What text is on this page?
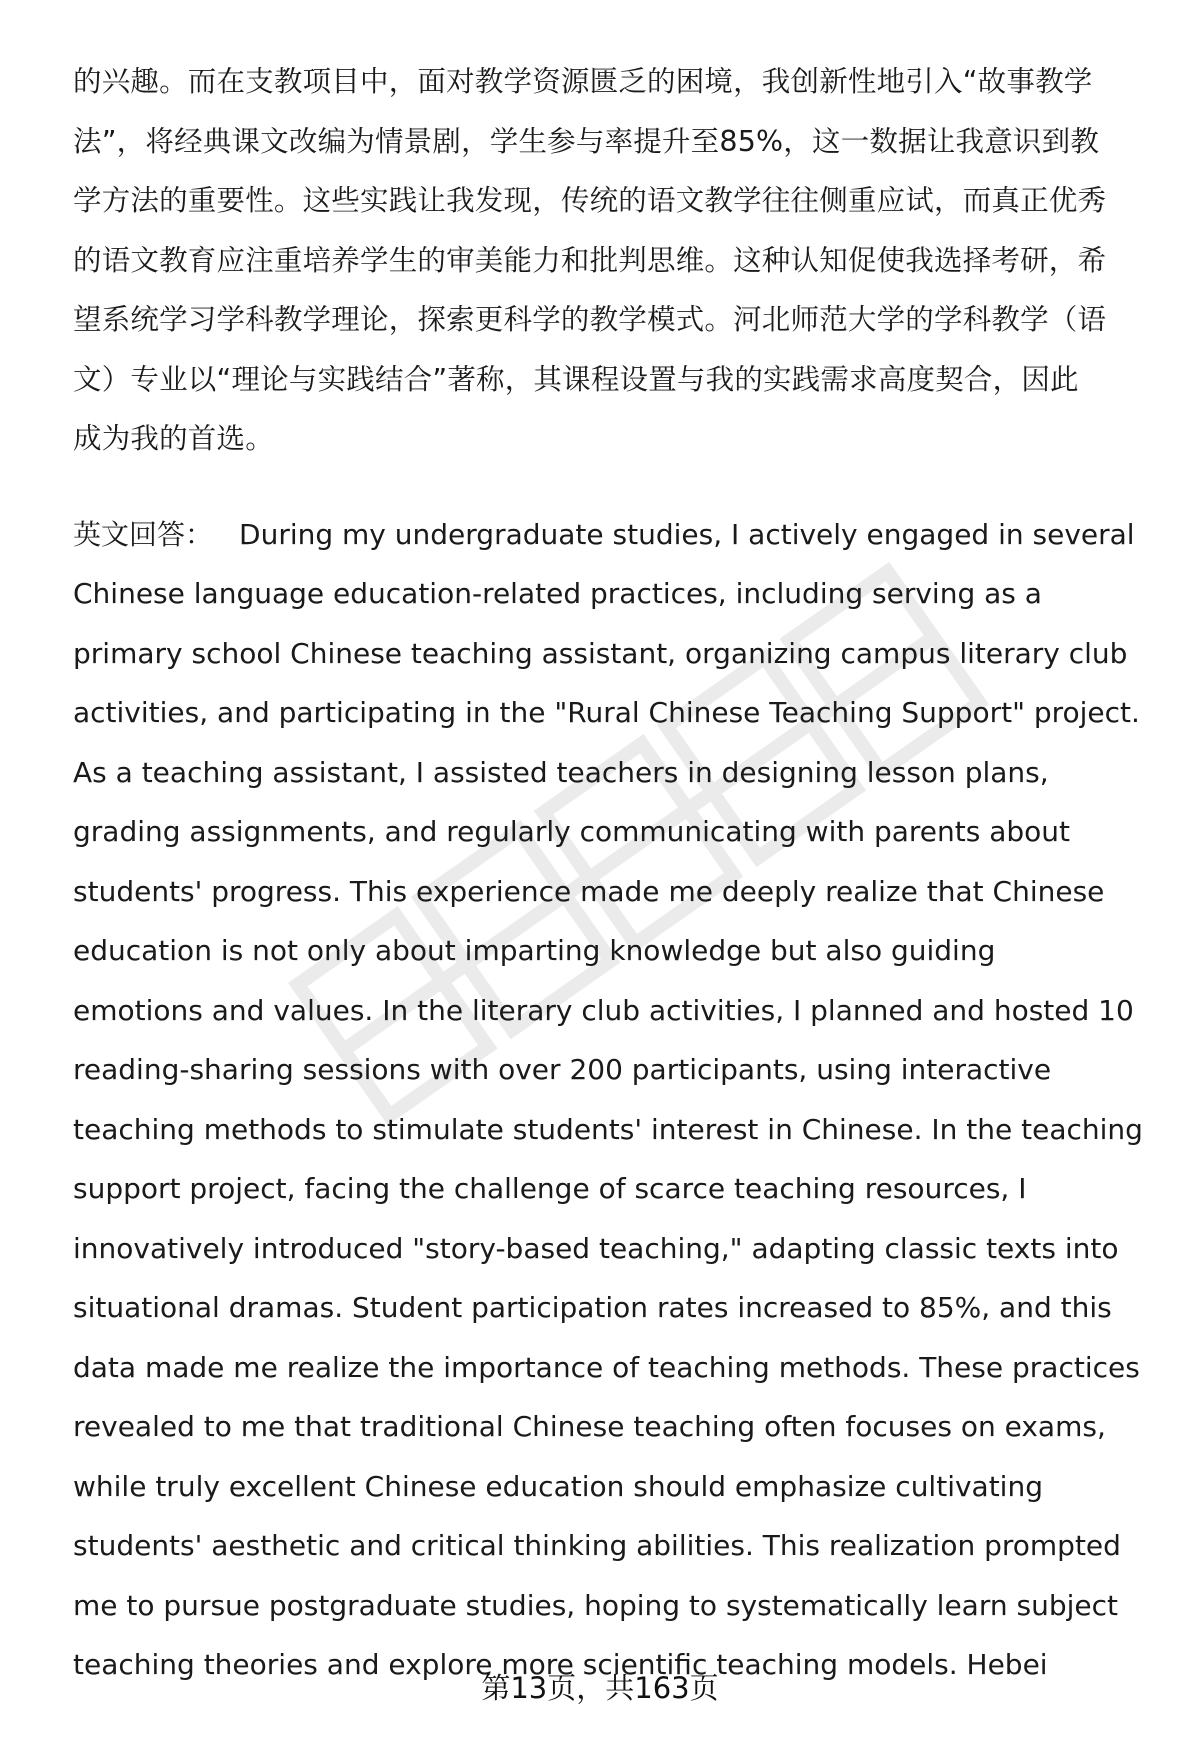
的兴趣。而在支教项目中，面对教学资源匮乏的困境，我创新性地引入“故事教学
法”，将经典课文改编为情景剧，学生参与率提升至85%，这一数据让我意识到教
学方法的重要性。这些实践让我发现，传统的语文教学往往侧重应试，而真正优秀
的语文教育应注重培养学生的审美能力和批判思维。这种认知促使我选择考研，希
望系统学习学科教学理论，探索更科学的教学模式。河北师范大学的学科教学（语
文）专业以“理论与实践结合”著称，其课程设置与我的实践需求高度契合，因此
成为我的首选。
英文回答： During my undergraduate studies, I actively engaged in several
Chinese language education-related practices, including serving as a
primary school Chinese teaching assistant, organizing campus literary club
activities, and participating in the "Rural Chinese Teaching Support" project.
As a teaching assistant, I assisted teachers in designing lesson plans,
grading assignments, and regularly communicating with parents about
students' progress. This experience made me deeply realize that Chinese
education is not only about imparting knowledge but also guiding
emotions and values. In the literary club activities, I planned and hosted 10
reading-sharing sessions with over 200 participants, using interactive
teaching methods to stimulate students' interest in Chinese. In the teaching
support project, facing the challenge of scarce teaching resources, I
innovatively introduced "story-based teaching," adapting classic texts into
situational dramas. Student participation rates increased to 85%, and this
data made me realize the importance of teaching methods. These practices
revealed to me that traditional Chinese teaching often focuses on exams,
while truly excellent Chinese education should emphasize cultivating
students' aesthetic and critical thinking abilities. This realization prompted
me to pursue postgraduate studies, hoping to systematically learn subject
teaching theories and explore more scientific teaching models. Hebei
第13页，共163页
